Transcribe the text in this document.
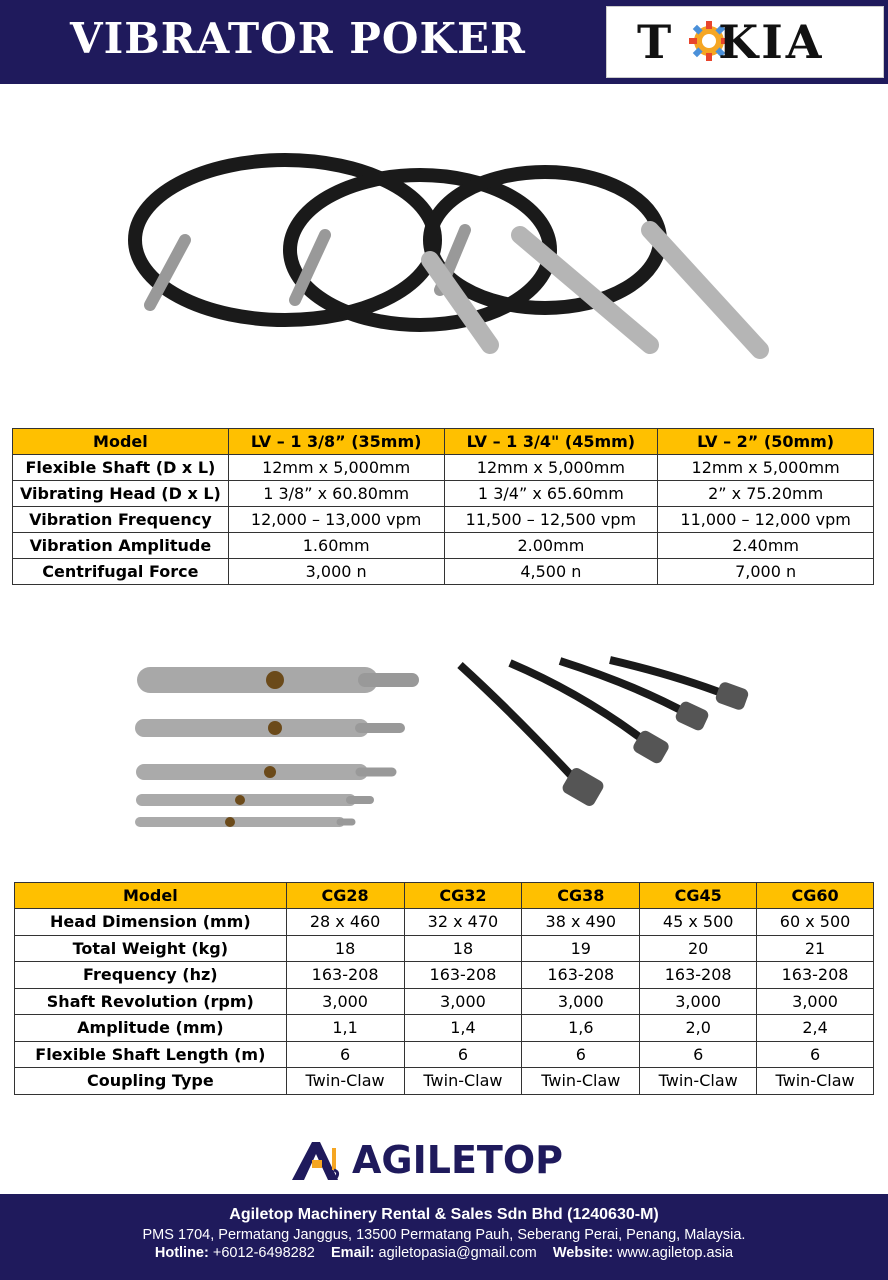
VIBRATOR POKER T KIA
Model	LV – 1 3/8” (35mm)	LV – 1 3/4" (45mm)	LV – 2” (50mm)
Flexible Shaft (D x L)	12mm x 5,000mm	12mm x 5,000mm	12mm x 5,000mm
Vibrating Head (D x L)	1 3/8” x 60.80mm	1 3/4” x 65.60mm	2” x 75.20mm
Vibration Frequency	12,000 – 13,000 vpm	11,500 – 12,500 vpm	11,000 – 12,000 vpm
Vibration Amplitude	1.60mm	2.00mm	2.40mm
Centrifugal Force	3,000 n	4,500 n	7,000 n
Model	CG28	CG32	CG38	CG45	CG60
Head Dimension (mm)	28 x 460	32 x 470	38 x 490	45 x 500	60 x 500
Total Weight (kg)	18	18	19	20	21
Frequency (hz)	163-208	163-208	163-208	163-208	163-208
Shaft Revolution (rpm)	3,000	3,000	3,000	3,000	3,000
Amplitude (mm)	1,1	1,4	1,6	2,0	2,4
Flexible Shaft Length (m)	6	6	6	6	6
Coupling Type	Twin-Claw	Twin-Claw	Twin-Claw	Twin-Claw	Twin-Claw
AGILETOP
Agiletop Machinery Rental & Sales Sdn Bhd (1240630-M)
PMS 1704, Permatang Janggus, 13500 Permatang Pauh, Seberang Perai, Penang, Malaysia.
Hotline: +6012-6498282 Email: agiletopasia@gmail.com Website: www.agiletop.asia
